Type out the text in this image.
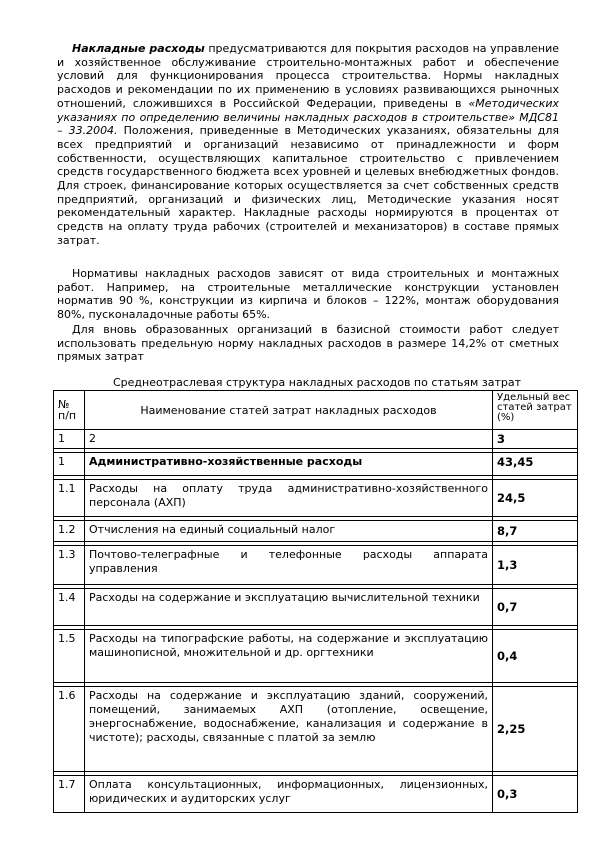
Накладные расходы предусматриваются для покрытия расходов на управление и хозяйственное обслуживание строительно-монтажных работ и обеспечение условий для функционирования процесса строительства. Нормы накладных расходов и рекомендации по их применению в условиях развивающихся рыночных отношений, сложившихся в Российской Федерации, приведены в «Методических указаниях по определению величины накладных расходов в строительстве» МДС81 – 33.2004. Положения, приведенные в Методических указаниях, обязательны для всех предприятий и организаций независимо от принадлежности и форм собственности, осуществляющих капитальное строительство с привлечением средств государственного бюджета всех уровней и целевых внебюджетных фондов. Для строек, финансирование которых осуществляется за счет собственных средств предприятий, организаций и физических лиц, Методические указания носят рекомендательный характер. Накладные расходы нормируются в процентах от средств на оплату труда рабочих (строителей и механизаторов) в составе прямых затрат.

Нормативы накладных расходов зависят от вида строительных и монтажных работ. Например, на строительные металлические конструкции установлен норматив 90 %, конструкции из кирпича и блоков – 122%, монтаж оборудования 80%, пусконаладочные работы 65%.

Для вновь образованных организаций в базисной стоимости работ следует использовать предельную норму накладных расходов в размере 14,2% от сметных прямых затрат

Среднеотраслевая структура накладных расходов по статьям затрат
№ п/п	Наименование статей затрат накладных расходов	Удельный вес статей затрат (%)
1	2	3

1	Административно-хозяйственные расходы	43,45

1.1	Расходы на оплату труда административно-хозяйственного персонала (АХП)	24,5

1.2	Отчисления на единый социальный налог	8,7

1.3	Почтово-телеграфные и телефонные расходы аппарата управления	1,3

1.4	Расходы на содержание и эксплуатацию вычислительной техники	0,7

1.5	Расходы на типографские работы, на содержание и эксплуатацию машинописной, множительной и др. оргтехники	0,4

1.6	Расходы на содержание и эксплуатацию зданий, сооружений, помещений, занимаемых АХП (отопление, освещение, энергоснабжение, водоснабжение, канализация и содержание в чистоте); расходы, связанные с платой за землю	2,25

1.7	Оплата консультационных, информационных, лицензионных, юридических и аудиторских услуг	0,3
